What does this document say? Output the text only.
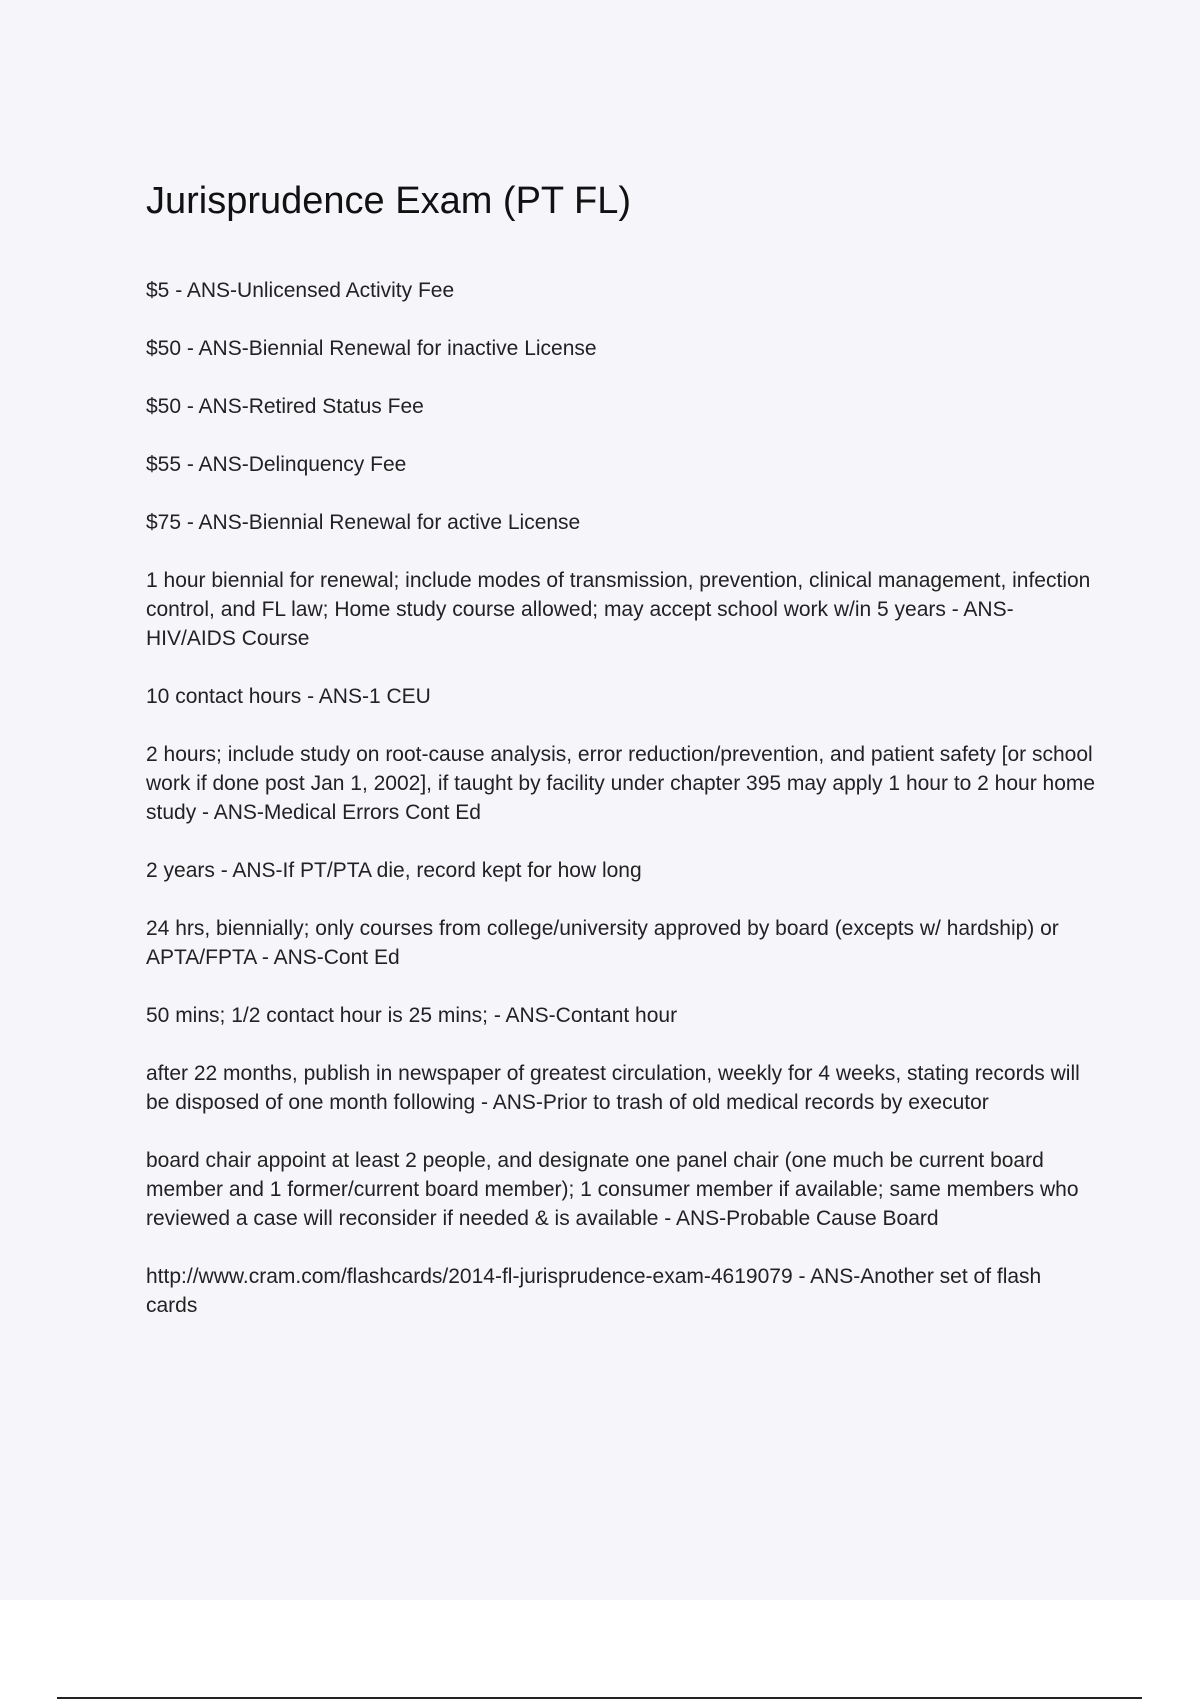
Jurisprudence Exam (PT FL)

$5 - ANS-Unlicensed Activity Fee

$50 - ANS-Biennial Renewal for inactive License

$50 - ANS-Retired Status Fee

$55 - ANS-Delinquency Fee

$75 - ANS-Biennial Renewal for active License

1 hour biennial for renewal; include modes of transmission, prevention, clinical management, infection control, and FL law; Home study course allowed; may accept school work w/in 5 years - ANS-HIV/AIDS Course

10 contact hours - ANS-1 CEU

2 hours; include study on root-cause analysis, error reduction/prevention, and patient safety [or school work if done post Jan 1, 2002], if taught by facility under chapter 395 may apply 1 hour to 2 hour home study - ANS-Medical Errors Cont Ed

2 years - ANS-If PT/PTA die, record kept for how long

24 hrs, biennially; only courses from college/university approved by board (excepts w/ hardship) or APTA/FPTA - ANS-Cont Ed

50 mins; 1/2 contact hour is 25 mins; - ANS-Contant hour

after 22 months, publish in newspaper of greatest circulation, weekly for 4 weeks, stating records will be disposed of one month following - ANS-Prior to trash of old medical records by executor

board chair appoint at least 2 people, and designate one panel chair (one much be current board member and 1 former/current board member); 1 consumer member if available; same members who reviewed a case will reconsider if needed & is available - ANS-Probable Cause Board

http://www.cram.com/flashcards/2014-fl-jurisprudence-exam-4619079 - ANS-Another set of flash cards
